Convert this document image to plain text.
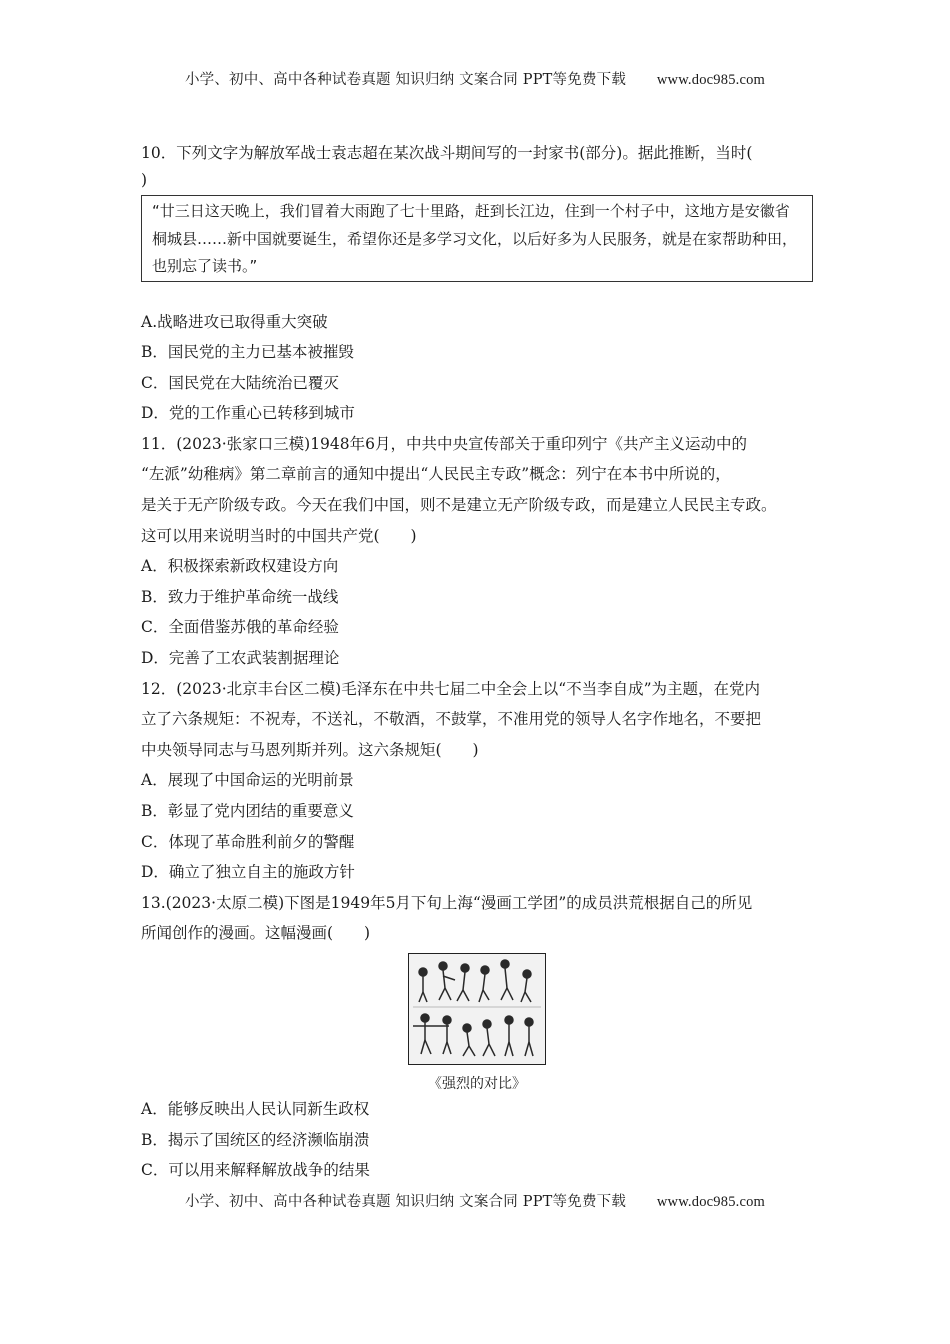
小学、初中、高中各种试卷真题 知识归纳 文案合同 PPT等免费下载 www.doc985.com
10．下列文字为解放军战士袁志超在某次战斗期间写的一封家书(部分)。据此推断，当时(
)
“廿三日这天晚上，我们冒着大雨跑了七十里路，赶到长江边，住到一个村子中，这地方是安徽省桐城县……新中国就要诞生，希望你还是多学习文化，以后好多为人民服务，就是在家帮助种田，也别忘了读书。”
A.战略进攻已取得重大突破
B．国民党的主力已基本被摧毁
C．国民党在大陆统治已覆灭
D．党的工作重心已转移到城市
11．(2023·张家口三模)1948年6月，中共中央宣传部关于重印列宁《共产主义运动中的
“左派”幼稚病》第二章前言的通知中提出“人民民主专政”概念：列宁在本书中所说的，
是关于无产阶级专政。今天在我们中国，则不是建立无产阶级专政，而是建立人民民主专政。
这可以用来说明当时的中国共产党(　　)
A．积极探索新政权建设方向
B．致力于维护革命统一战线
C．全面借鉴苏俄的革命经验
D．完善了工农武装割据理论
12．(2023·北京丰台区二模)毛泽东在中共七届二中全会上以“不当李自成”为主题，在党内
立了六条规矩：不祝寿，不送礼，不敬酒，不鼓掌，不准用党的领导人名字作地名，不要把
中央领导同志与马恩列斯并列。这六条规矩(　　)
A．展现了中国命运的光明前景
B．彰显了党内团结的重要意义
C．体现了革命胜利前夕的警醒
D．确立了独立自主的施政方针
13.(2023·太原二模)下图是1949年5月下旬上海“漫画工学团”的成员洪荒根据自己的所见
所闻创作的漫画。这幅漫画(　　)
《强烈的对比》
A．能够反映出人民认同新生政权
B．揭示了国统区的经济濒临崩溃
C．可以用来解释解放战争的结果
小学、初中、高中各种试卷真题 知识归纳 文案合同 PPT等免费下载 www.doc985.com
